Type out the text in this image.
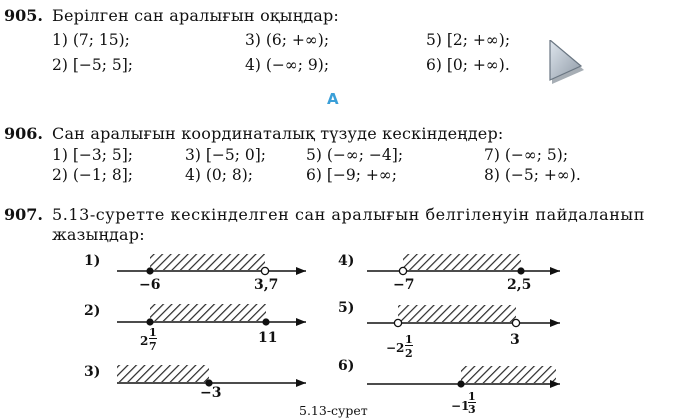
905. Берілген сан аралығын оқыңдар:
1) (7; 15);	3) (6; +∞);	5) [2; +∞);
2) [−5; 5];	4) (−∞; 9);	6) [0; +∞).
А
906. Сан аралығын координаталық түзуде кескіндеңдер:
1) [−3; 5];	3) [−5; 0];	5) (−∞; −4];	7) (−∞; 5);
2) (−1; 8];	4) (0; 8);	6) [−9; +∞;	8) (−5; +∞).
907. 5.13-суретте кескінделген сан аралығын белгіленуін пайдаланып
жазыңдар:
1)
2)
3)
4)
5)
6)
−6	3,7
2
1
7
11
−3
−7	2,5
−2
1
2
3
−1
1
3
5.13-сурет
